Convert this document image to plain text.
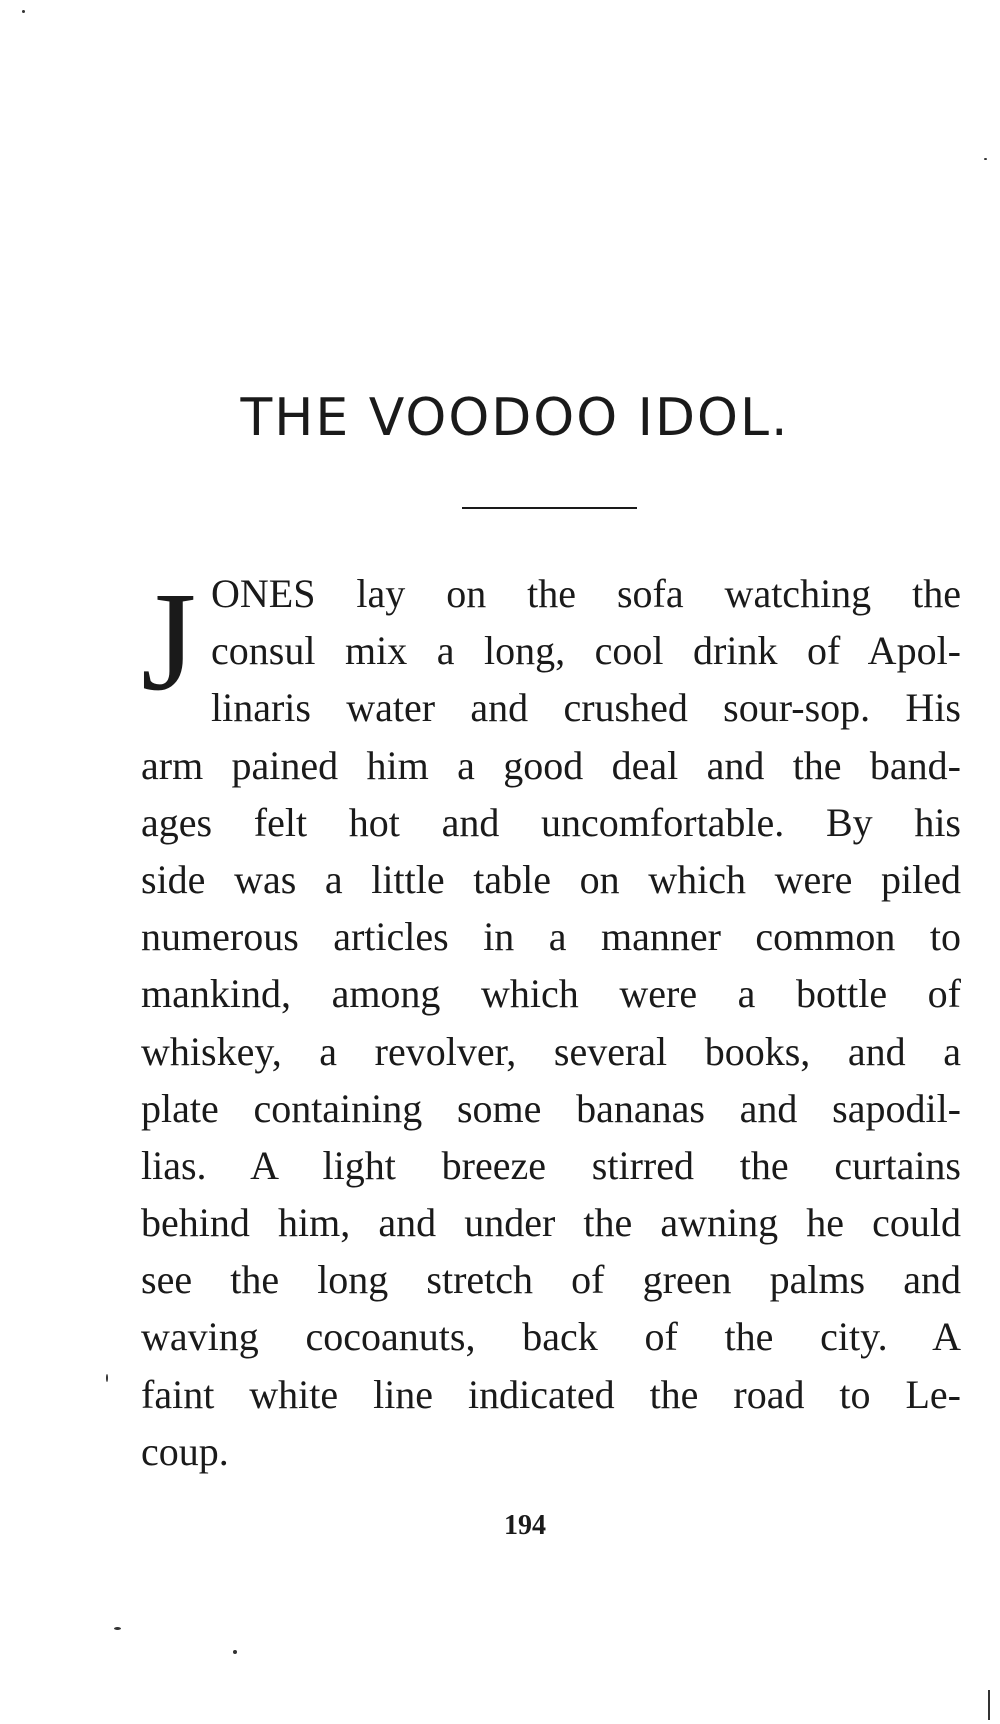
THE VOODOO IDOL.
J ONES lay on the sofa watching the
consul mix a long, cool drink of Apol-
linaris water and crushed sour-sop. His
arm pained him a good deal and the band-
ages felt hot and uncomfortable. By his
side was a little table on which were piled
numerous articles in a manner common to
mankind, among which were a bottle of
whiskey, a revolver, several books, and a
plate containing some bananas and sapodil-
lias. A light breeze stirred the curtains
behind him, and under the awning he could
see the long stretch of green palms and
waving cocoanuts, back of the city. A
faint white line indicated the road to Le-
coup.
194
